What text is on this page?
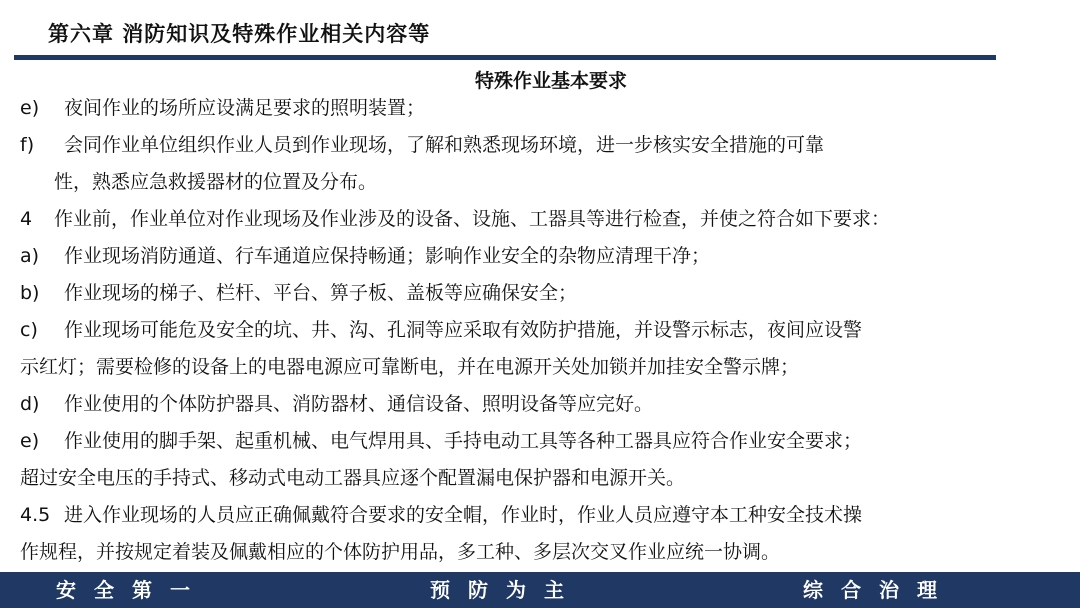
第六章 消防知识及特殊作业相关内容等
特殊作业基本要求
e) 夜间作业的场所应设满足要求的照明装置；
f) 会同作业单位组织作业人员到作业现场，了解和熟悉现场环境，进一步核实安全措施的可靠
性，熟悉应急救援器材的位置及分布。
4 作业前，作业单位对作业现场及作业涉及的设备、设施、工器具等进行检查，并使之符合如下要求：
a) 作业现场消防通道、行车通道应保持畅通；影响作业安全的杂物应清理干净；
b) 作业现场的梯子、栏杆、平台、箅子板、盖板等应确保安全；
c) 作业现场可能危及安全的坑、井、沟、孔洞等应采取有效防护措施，并设警示标志，夜间应设警
示红灯；需要检修的设备上的电器电源应可靠断电，并在电源开关处加锁并加挂安全警示牌；
d) 作业使用的个体防护器具、消防器材、通信设备、照明设备等应完好。
e) 作业使用的脚手架、起重机械、电气焊用具、手持电动工具等各种工器具应符合作业安全要求；
超过安全电压的手持式、移动式电动工器具应逐个配置漏电保护器和电源开关。
4.5 进入作业现场的人员应正确佩戴符合要求的安全帽，作业时，作业人员应遵守本工种安全技术操
作规程，并按规定着装及佩戴相应的个体防护用品，多工种、多层次交叉作业应统一协调。
安全第一	预防为主	综合治理
